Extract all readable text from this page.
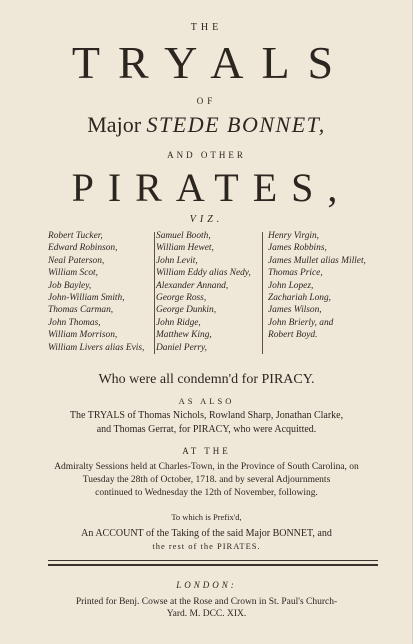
THE
TRYALS
OF
Major STEDE BONNET,
AND OTHER
PIRATES,
VIZ.
Robert Tucker,
Edward Robinson,
Neal Paterson,
William Scot,
Job Bayley,
John-William Smith,
Thomas Carman,
John Thomas,
William Morrison,
William Livers alias Evis,
Samuel Booth,
William Hewet,
John Levit,
William Eddy alias Nedy,
Alexander Annand,
George Ross,
George Dunkin,
John Ridge,
Matthew King,
Daniel Perry,
Henry Virgin,
James Robbins,
James Mullet alias Millet,
Thomas Price,
John Lopez,
Zachariah Long,
James Wilson,
John Brierly, and
Robert Boyd.
Who were all condemn'd for PIRACY.
AS ALSO
The TRYALS of Thomas Nichols, Rowland Sharp, Jonathan Clarke,
and Thomas Gerrat, for PIRACY, who were Acquitted.
AT THE
Admiralty Sessions held at Charles-Town, in the Province of South Carolina, on
Tuesday the 28th of October, 1718. and by several Adjournments
continued to Wednesday the 12th of November, following.
To which is Prefix'd,
An ACCOUNT of the Taking of the said Major BONNET, and
the rest of the PIRATES.
LONDON:
Printed for Benj. Cowse at the Rose and Crown in St. Paul's Church-
Yard. M. DCC. XIX.
